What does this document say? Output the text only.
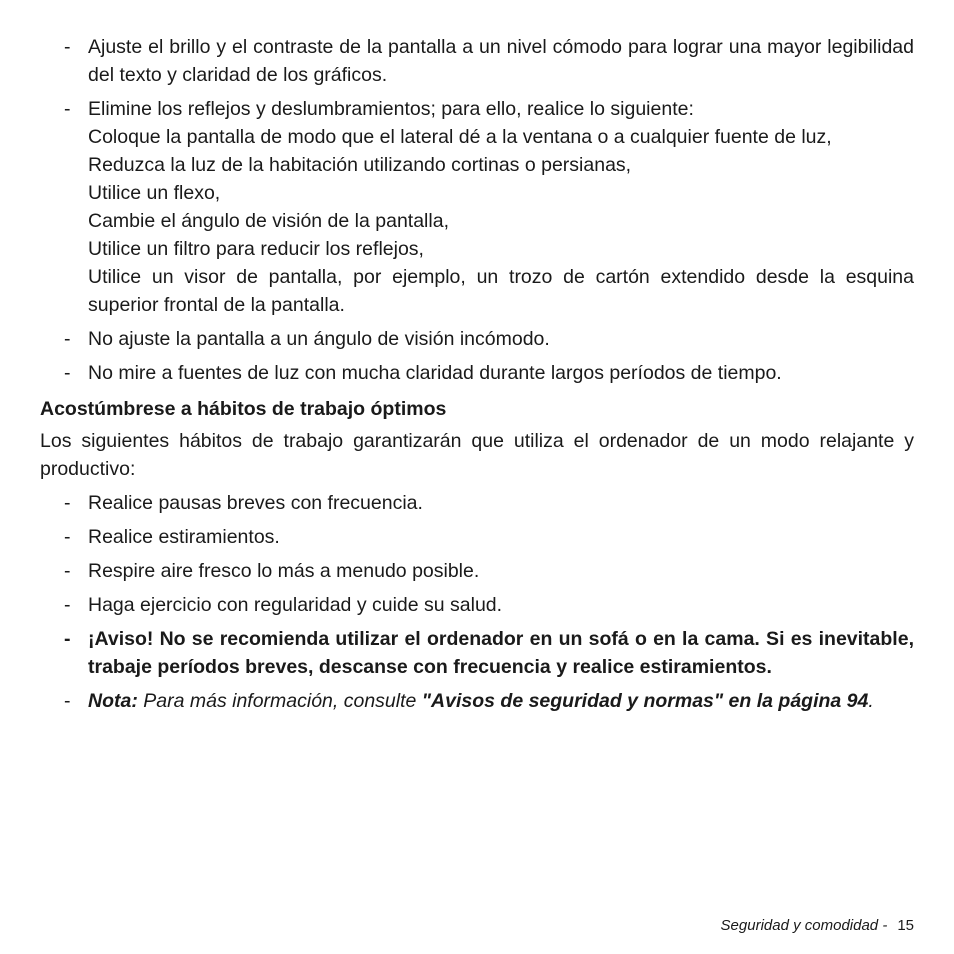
- Ajuste el brillo y el contraste de la pantalla a un nivel cómodo para lograr una mayor legibilidad del texto y claridad de los gráficos.
- Elimine los reflejos y deslumbramientos; para ello, realice lo siguiente:
Coloque la pantalla de modo que el lateral dé a la ventana o a cualquier fuente de luz,
Reduzca la luz de la habitación utilizando cortinas o persianas,
Utilice un flexo,
Cambie el ángulo de visión de la pantalla,
Utilice un filtro para reducir los reflejos,
Utilice un visor de pantalla, por ejemplo, un trozo de cartón extendido desde la esquina superior frontal de la pantalla.
- No ajuste la pantalla a un ángulo de visión incómodo.
- No mire a fuentes de luz con mucha claridad durante largos períodos de tiempo.
Acostúmbrese a hábitos de trabajo óptimos
Los siguientes hábitos de trabajo garantizarán que utiliza el ordenador de un modo relajante y productivo:
- Realice pausas breves con frecuencia.
- Realice estiramientos.
- Respire aire fresco lo más a menudo posible.
- Haga ejercicio con regularidad y cuide su salud.
- ¡Aviso! No se recomienda utilizar el ordenador en un sofá o en la cama. Si es inevitable, trabaje períodos breves, descanse con frecuencia y realice estiramientos.
- Nota: Para más información, consulte "Avisos de seguridad y normas" en la página 94.
Seguridad y comodidad - 15
